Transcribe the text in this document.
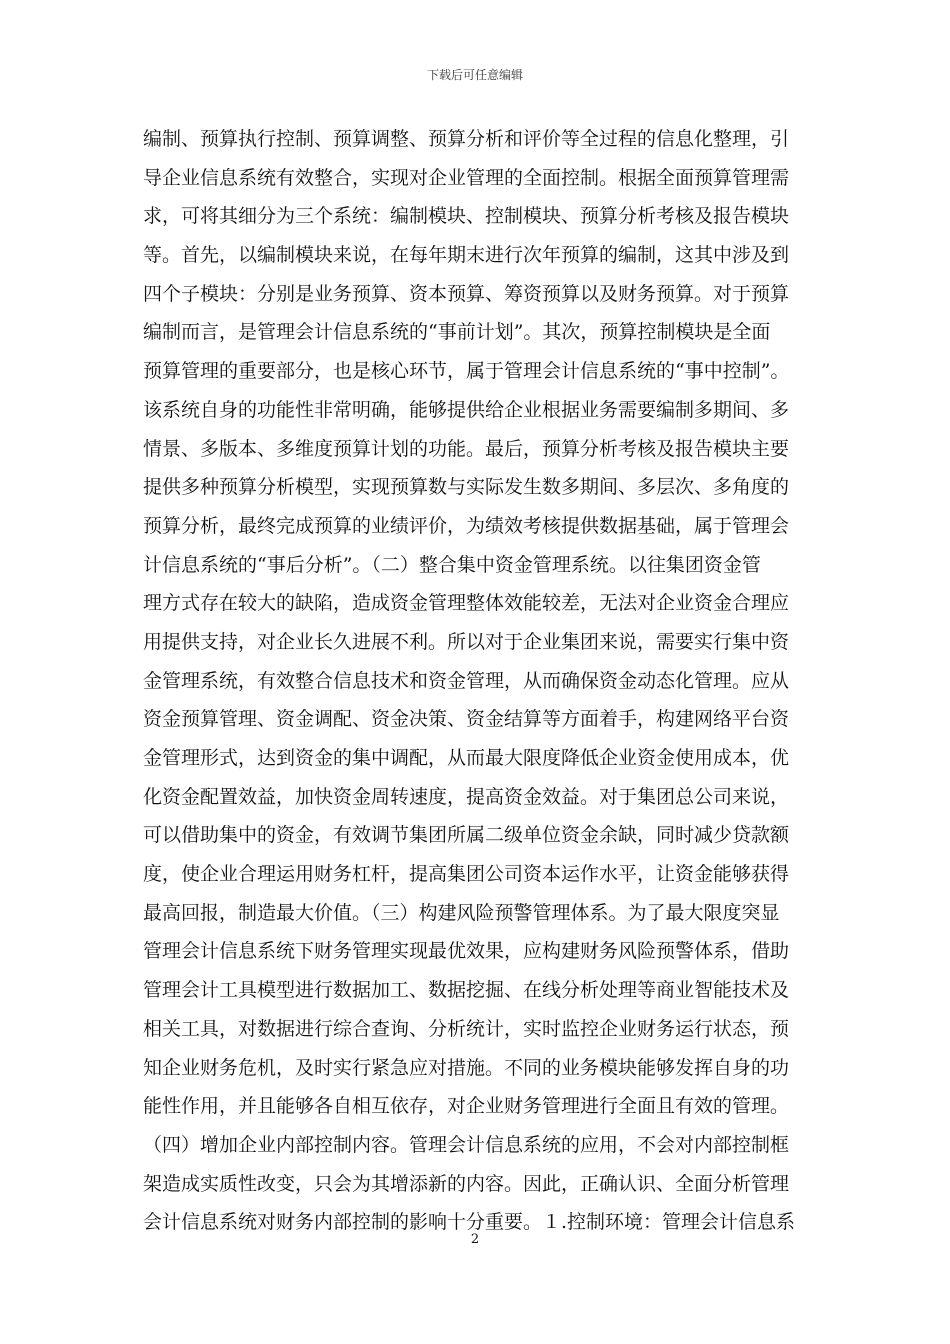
下载后可任意编辑
编制、预算执行控制、预算调整、预算分析和评价等全过程的信息化整理，引
导企业信息系统有效整合，实现对企业管理的全面控制。根据全面预算管理需
求，可将其细分为三个系统：编制模块、控制模块、预算分析考核及报告模块
等。首先，以编制模块来说，在每年期末进行次年预算的编制，这其中涉及到
四个子模块：分别是业务预算、资本预算、筹资预算以及财务预算。对于预算
编制而言，是管理会计信息系统的“事前计划”。其次，预算控制模块是全面
预算管理的重要部分，也是核心环节，属于管理会计信息系统的“事中控制”。
该系统自身的功能性非常明确，能够提供给企业根据业务需要编制多期间、多
情景、多版本、多维度预算计划的功能。最后，预算分析考核及报告模块主要
提供多种预算分析模型，实现预算数与实际发生数多期间、多层次、多角度的
预算分析，最终完成预算的业绩评价，为绩效考核提供数据基础，属于管理会
计信息系统的“事后分析”。（二）整合集中资金管理系统。以往集团资金管
理方式存在较大的缺陷，造成资金管理整体效能较差，无法对企业资金合理应
用提供支持，对企业长久进展不利。所以对于企业集团来说，需要实行集中资
金管理系统，有效整合信息技术和资金管理，从而确保资金动态化管理。应从
资金预算管理、资金调配、资金决策、资金结算等方面着手，构建网络平台资
金管理形式，达到资金的集中调配，从而最大限度降低企业资金使用成本，优
化资金配置效益，加快资金周转速度，提高资金效益。对于集团总公司来说，
可以借助集中的资金，有效调节集团所属二级单位资金余缺，同时减少贷款额
度，使企业合理运用财务杠杆，提高集团公司资本运作水平，让资金能够获得
最高回报，制造最大价值。（三）构建风险预警管理体系。为了最大限度突显
管理会计信息系统下财务管理实现最优效果，应构建财务风险预警体系，借助
管理会计工具模型进行数据加工、数据挖掘、在线分析处理等商业智能技术及
相关工具，对数据进行综合查询、分析统计，实时监控企业财务运行状态，预
知企业财务危机，及时实行紧急应对措施。不同的业务模块能够发挥自身的功
能性作用，并且能够各自相互依存，对企业财务管理进行全面且有效的管理。
（四）增加企业内部控制内容。管理会计信息系统的应用，不会对内部控制框
架造成实质性改变，只会为其增添新的内容。因此，正确认识、全面分析管理
会计信息系统对财务内部控制的影响十分重要。１.控制环境：管理会计信息系
2
